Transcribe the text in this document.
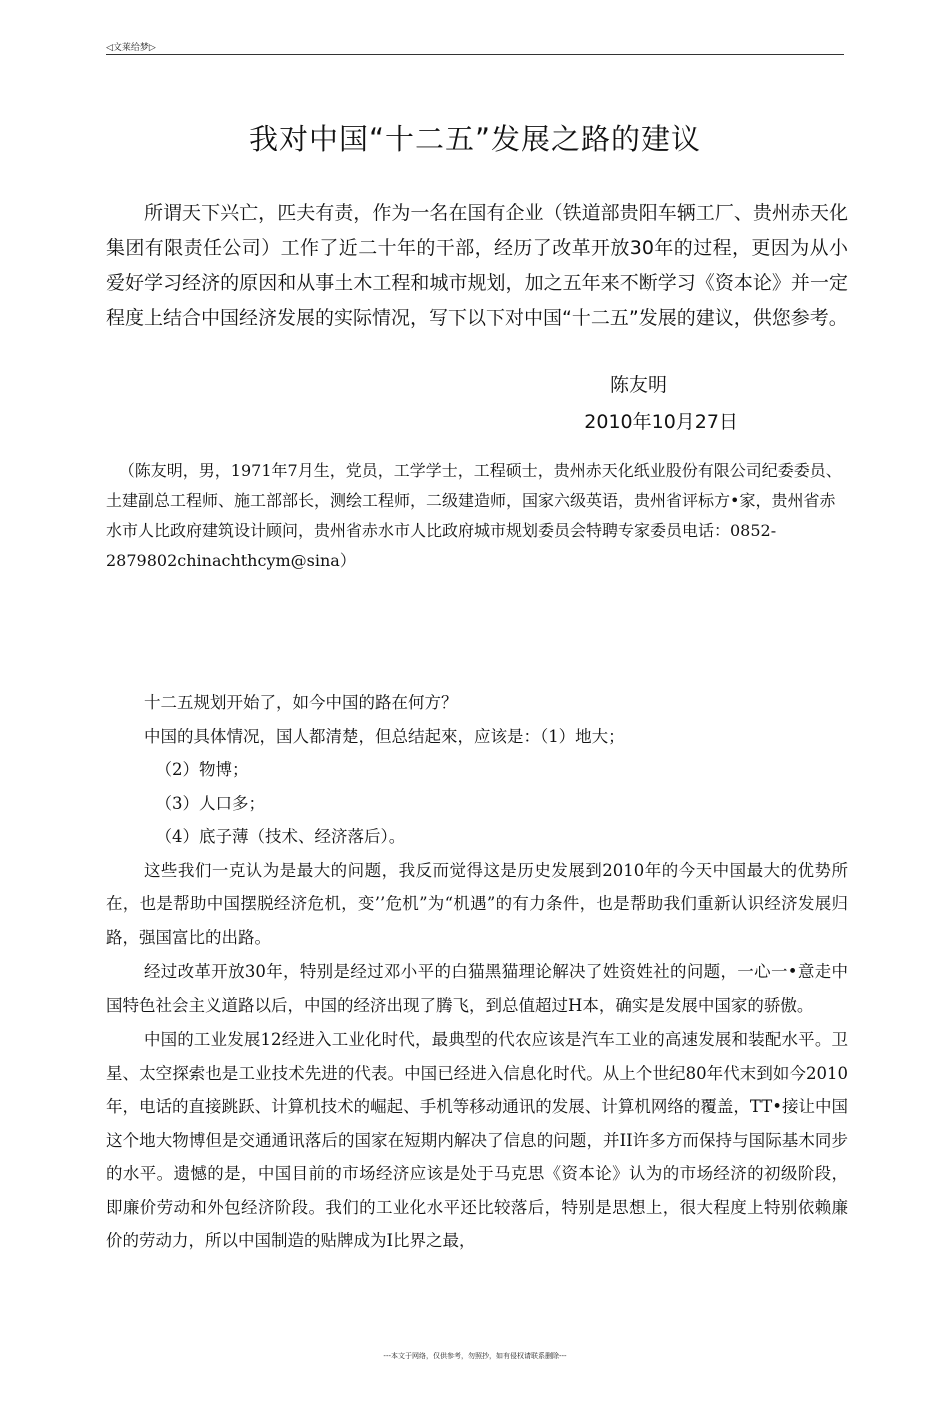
◁文莱给梦▷
我对中国“十二五”发展之路的建议

所谓天下兴亡，匹夫有责，作为一名在国有企业（铁道部贵阳车辆工厂、贵州赤天化集团有限责任公司）工作了近二十年的干部，经历了改革开放30年的过程，更因为从小爱好学习经济的原因和从事土木工程和城市规划，加之五年来不断学习《资本论》并一定程度上结合中国经济发展的实际情况，写下以下对中国“十二五”发展的建议，供您参考。

陈友明
2010年10月27日

（陈友明，男，1971年7月生，党员，工学学士，工程硕士，贵州赤天化纸业股份有限公司纪委委员、土建副总工程师、施工部部长，测绘工程师，二级建造师，国家六级英语，贵州省评标方•家，贵州省赤水市人比政府建筑设计顾问，贵州省赤水市人比政府城市规划委员会特聘专家委员电话：0852-2879802chinachthcym@sina）

十二五规划开始了，如今中国的路在何方？

中国的具体情况，国人都清楚，但总结起來，应该是：（1）地大；

（2）物博；

（3）人口多；

（4）底子薄（技术、经济落后）。

这些我们一克认为是最大的问题，我反而觉得这是历史发展到2010年的今天中国最大的优势所在，也是帮助中国摆脱经济危机，变’’危机”为“机遇”的有力条件，也是帮助我们重新认识经济发展归路，强国富比的出路。

经过改革开放30年，特别是经过邓小平的白猫黑猫理论解决了姓资姓社的问题，一心一•意走中国特色社会主义道路以后，中国的经济出现了腾飞，到总值超过H本，确实是发展中国家的骄傲。

中国的工业发展12经进入工业化时代，最典型的代农应该是汽车工业的高速发展和装配水平。卫星、太空探索也是工业技术先进的代表。中国已经进入信息化时代。从上个世纪80年代末到如今2010年，电话的直接跳跃、计算机技术的崛起、手机等移动通讯的发展、计算机网络的覆盖，TT•接让中国这个地大物博但是交通通讯落后的国家在短期内解决了信息的问题，并II许多方而保持与国际基木同步的水平。遗憾的是，中国目前的市场经济应该是处于马克思《资本论》认为的市场经济的初级阶段，即廉价劳动和外包经济阶段。我们的工业化水平还比较落后，特别是思想上，很大程度上特别依赖廉价的劳动力，所以中国制造的贴牌成为I比界之最，

---本文于网络，仅供参考，勿照抄，如有侵权请联系删除---
